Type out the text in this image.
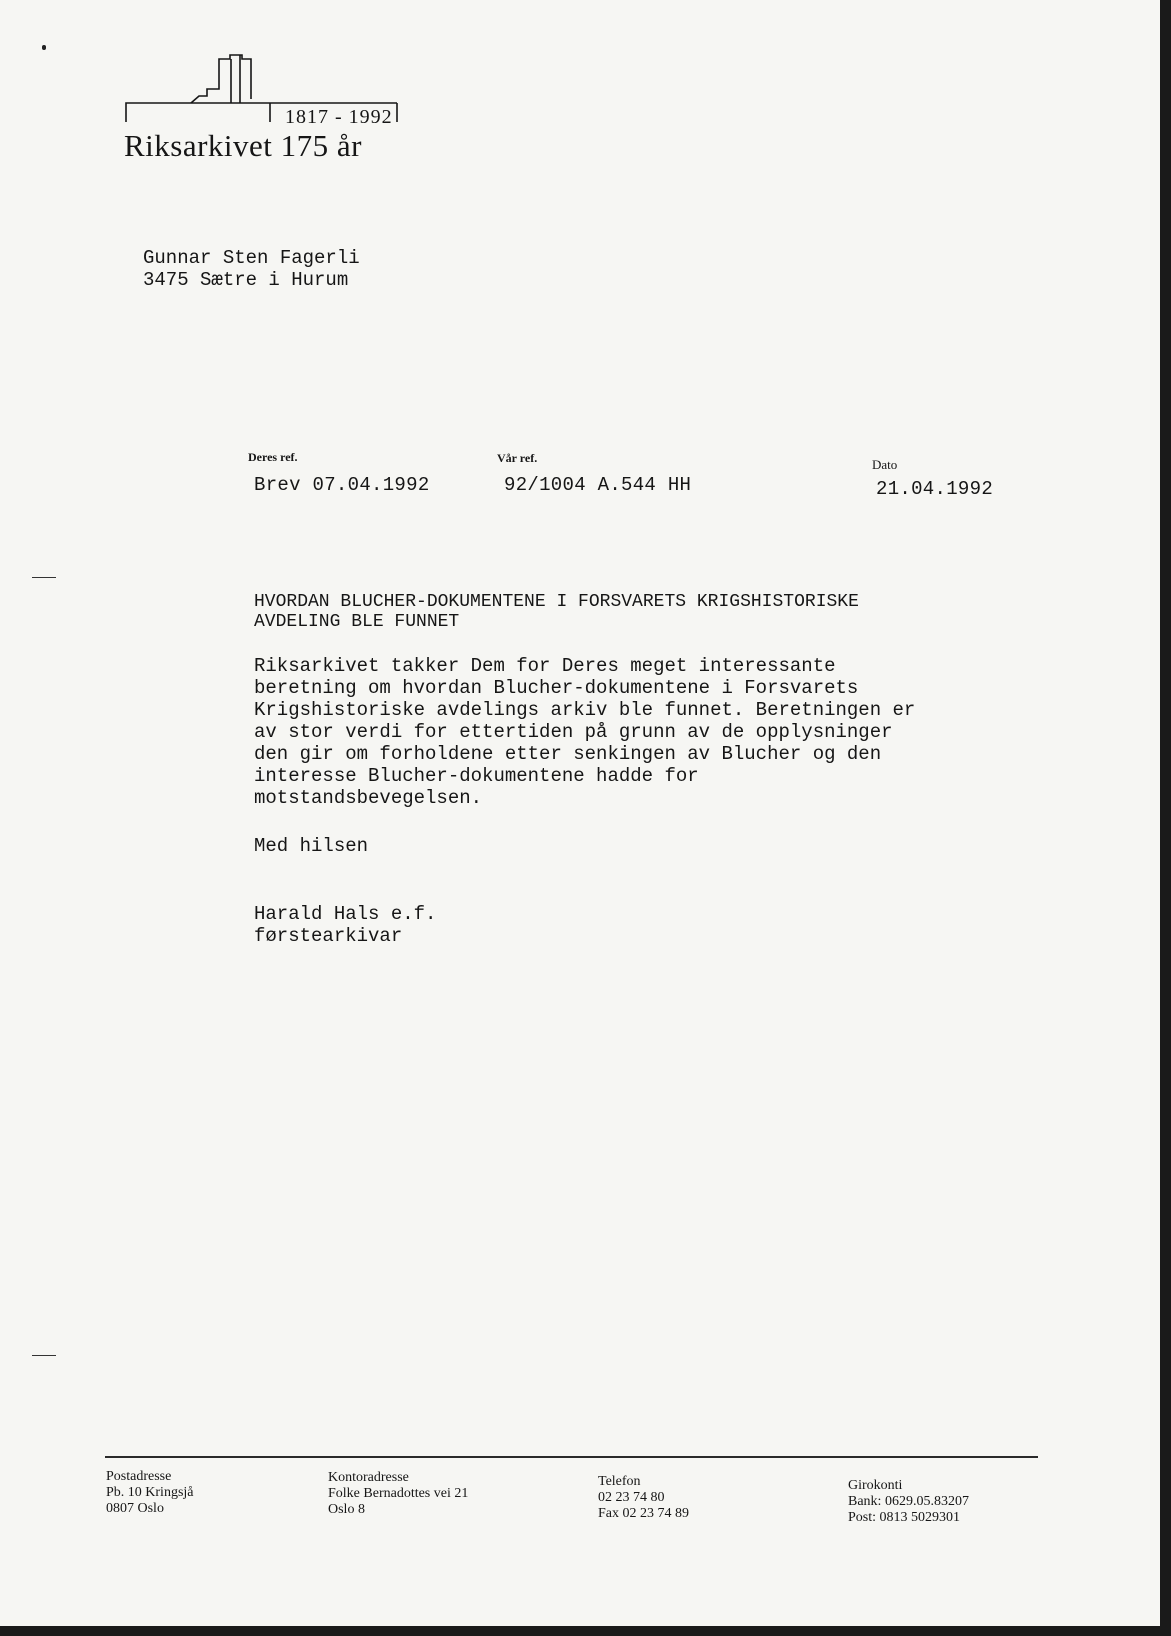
1817 - 1992
Riksarkivet 175 år
Gunnar Sten Fagerli
3475 Sætre i Hurum
Deres ref.
Brev 07.04.1992
Vår ref.
92/1004 A.544 HH
Dato
21.04.1992
HVORDAN BLUCHER-DOKUMENTENE I FORSVARETS KRIGSHISTORISKE
AVDELING BLE FUNNET
Riksarkivet takker Dem for Deres meget interessante
beretning om hvordan Blucher-dokumentene i Forsvarets
Krigshistoriske avdelings arkiv ble funnet. Beretningen er
av stor verdi for ettertiden på grunn av de opplysninger
den gir om forholdene etter senkingen av Blucher og den
interesse Blucher-dokumentene hadde for
motstandsbevegelsen.
Med hilsen
Harald Hals e.f.
førstearkivar
Postadresse
Pb. 10 Kringsjå
0807 Oslo
Kontoradresse
Folke Bernadottes vei 21
Oslo 8
Telefon
02 23 74 80
Fax 02 23 74 89
Girokonti
Bank: 0629.05.83207
Post: 0813 5029301
